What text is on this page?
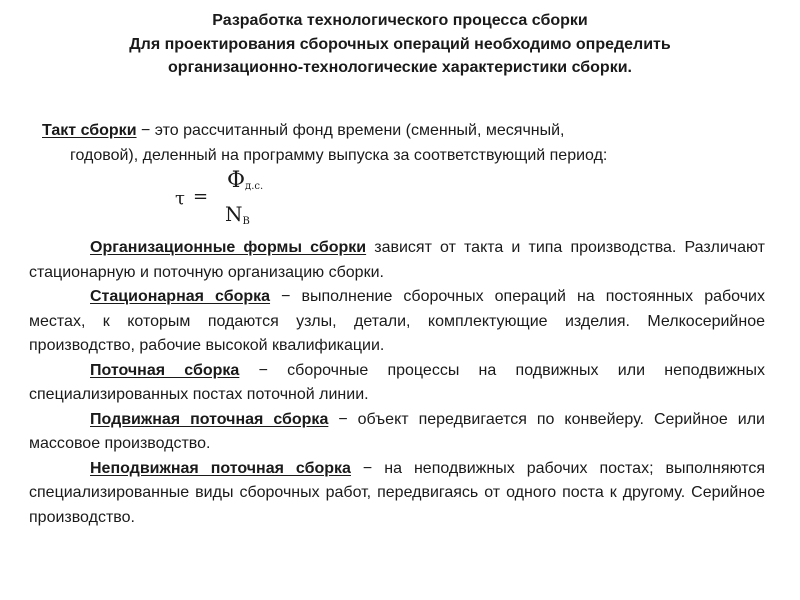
Разработка технологического процесса сборки
Для проектирования сборочных операций необходимо определить
организационно-технологические характеристики сборки.
Такт сборки − это рассчитанный фонд времени (сменный, месячный,
годовой), деленный на программу выпуска за соответствующий период:
τ =
$\Phi_{д.с.}$
$N_В$

Организационные формы сборки зависят от такта и типа производства. Различают стационарную и поточную организацию сборки.

Стационарная сборка − выполнение сборочных операций на постоянных рабочих местах, к которым подаются узлы, детали, комплектующие изделия. Мелкосерийное производство, рабочие высокой квалификации.

Поточная сборка − сборочные процессы на подвижных или неподвижных специализированных постах поточной линии.

Подвижная поточная сборка − объект передвигается по конвейеру. Серийное или массовое производство.

Неподвижная поточная сборка − на неподвижных рабочих постах; выполняются специализированные виды сборочных работ, передвигаясь от одного поста к другому. Серийное производство.
